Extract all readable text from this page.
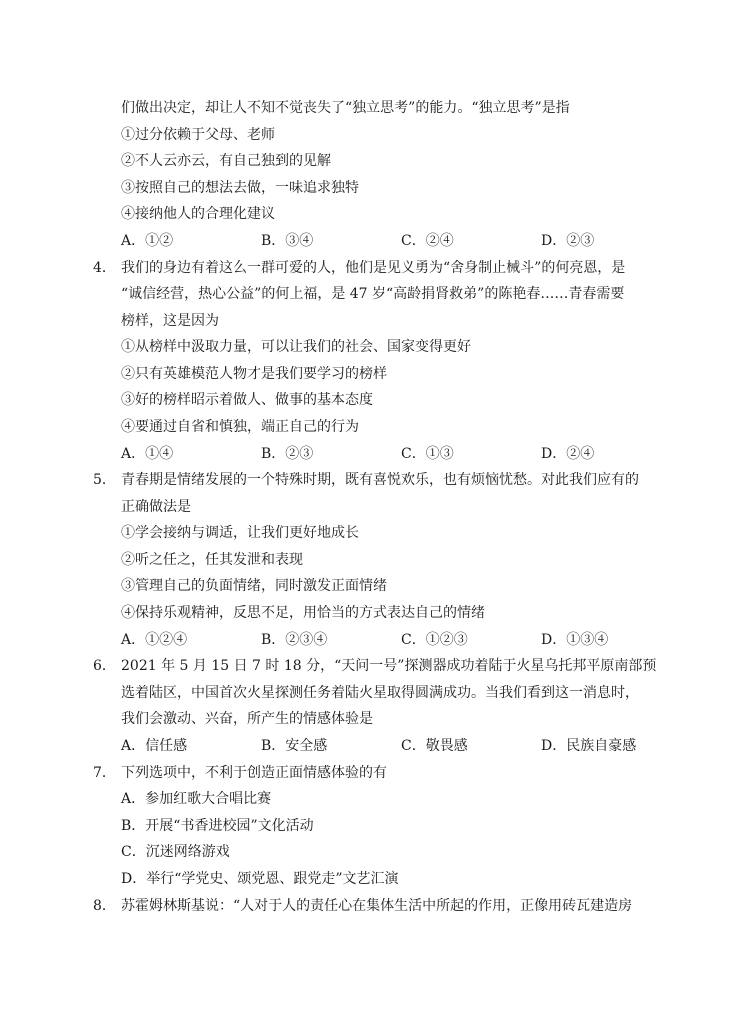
们做出决定，却让人不知不觉丧失了“独立思考”的能力。“独立思考”是指
①过分依赖于父母、老师
②不人云亦云，有自己独到的见解
③按照自己的想法去做，一味追求独特
④接纳他人的合理化建议
A．①②	B．③④	C．②④	D．②③
4． 我们的身边有着这么一群可爱的人，他们是见义勇为“舍身制止械斗”的何亮恩，是
“诚信经营，热心公益”的何上福，是 47 岁“高龄捐肾救弟”的陈艳春……青春需要
榜样，这是因为
①从榜样中汲取力量，可以让我们的社会、国家变得更好
②只有英雄模范人物才是我们要学习的榜样
③好的榜样昭示着做人、做事的基本态度
④要通过自省和慎独，端正自己的行为
A．①④	B．②③	C．①③	D．②④
5． 青春期是情绪发展的一个特殊时期，既有喜悦欢乐，也有烦恼忧愁。对此我们应有的
正确做法是
①学会接纳与调适，让我们更好地成长
②听之任之，任其发泄和表现
③管理自己的负面情绪，同时激发正面情绪
④保持乐观精神，反思不足，用恰当的方式表达自己的情绪
A．①②④	B．②③④	C．①②③	D．①③④
6． 2021 年 5 月 15 日 7 时 18 分，“天问一号”探测器成功着陆于火星乌托邦平原南部预
选着陆区，中国首次火星探测任务着陆火星取得圆满成功。当我们看到这一消息时，
我们会激动、兴奋，所产生的情感体验是
A．信任感	B．安全感	C．敬畏感	D．民族自豪感
7． 下列选项中，不利于创造正面情感体验的有
A．参加红歌大合唱比赛
B．开展“书香进校园”文化活动
C．沉迷网络游戏
D．举行“学党史、颂党恩、跟党走”文艺汇演
8． 苏霍姆林斯基说：“人对于人的责任心在集体生活中所起的作用，正像用砖瓦建造房
